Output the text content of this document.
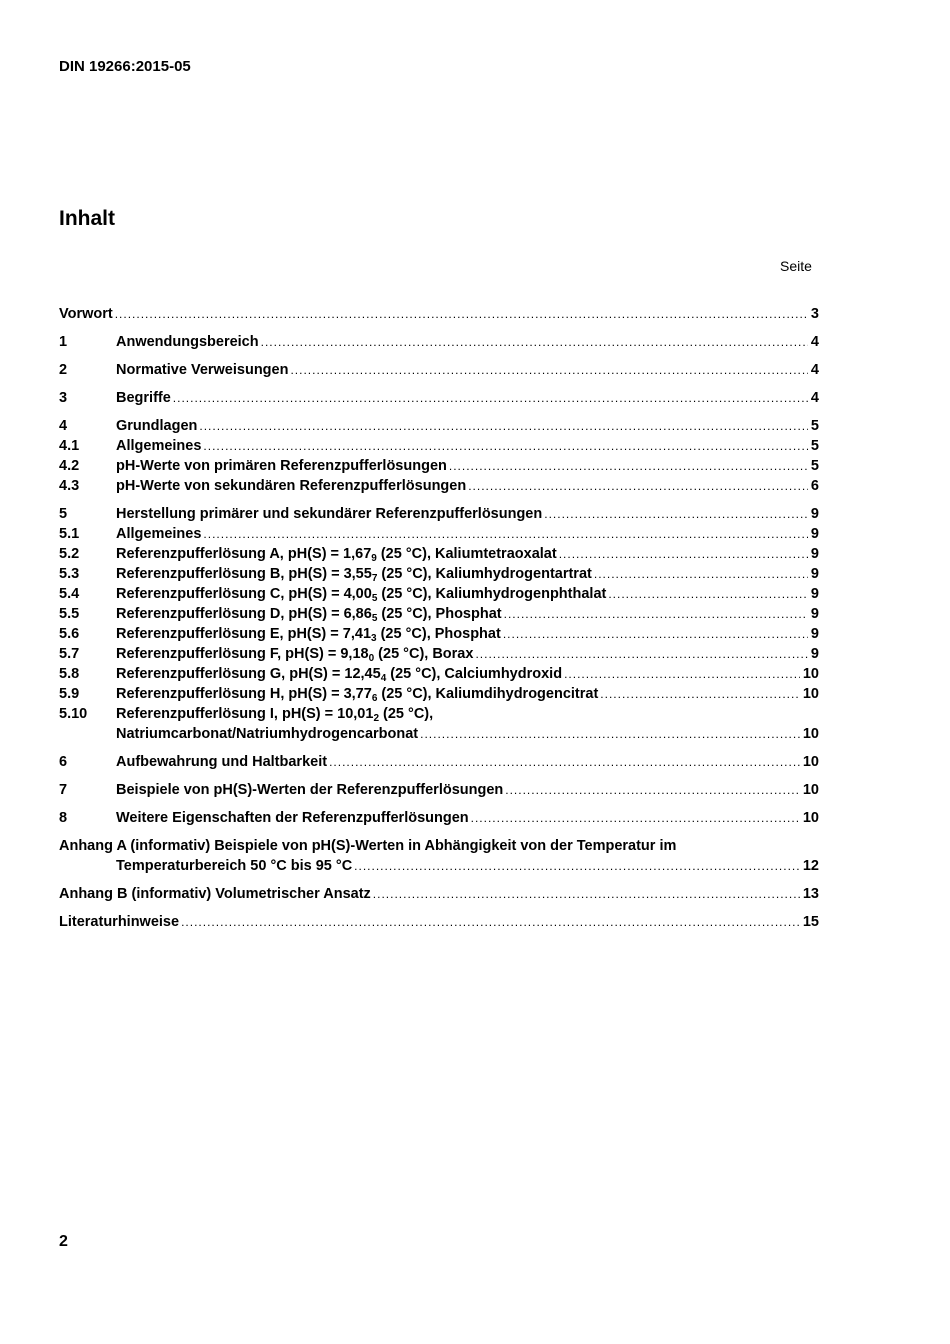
DIN 19266:2015-05
Inhalt
Seite
Vorwort .....	3
1	Anwendungsbereich .....	4
2	Normative Verweisungen .....	4
3	Begriffe .....	4
4	Grundlagen .....	5
4.1	Allgemeines .....	5
4.2	pH-Werte von primären Referenzpufferlösungen .....	5
4.3	pH-Werte von sekundären Referenzpufferlösungen .....	6
5	Herstellung primärer und sekundärer Referenzpufferlösungen .....	9
5.1	Allgemeines .....	9
5.2	Referenzpufferlösung A, $pH(S) = 1,67_9$ (25 °C), Kaliumtetraoxalat .....	9
5.3	Referenzpufferlösung B, $pH(S) = 3,55_7$ (25 °C), Kaliumhydrogentartrat .....	9
5.4	Referenzpufferlösung C, $pH(S) = 4,00_5$ (25 °C), Kaliumhydrogenphthalat .....	9
5.5	Referenzpufferlösung D, $pH(S) = 6,86_5$ (25 °C), Phosphat .....	9
5.6	Referenzpufferlösung E, $pH(S) = 7,41_3$ (25 °C), Phosphat .....	9
5.7	Referenzpufferlösung F, $pH(S) = 9,18_0$ (25 °C), Borax .....	9
5.8	Referenzpufferlösung G, $pH(S) = 12,45_4$ (25 °C), Calciumhydroxid .....	10
5.9	Referenzpufferlösung H, $pH(S) = 3,77_6$ (25 °C), Kaliumdihydrogencitrat .....	10
5.10 Referenzpufferlösung I, $pH(S) = 10,01_2$ (25 °C),
Natriumcarbonat/Natriumhydrogencarbonat .....	10
6	Aufbewahrung und Haltbarkeit .....	10
7	Beispiele von pH(S)-Werten der Referenzpufferlösungen .....	10
8	Weitere Eigenschaften der Referenzpufferlösungen .....	10
Anhang A (informativ) Beispiele von pH(S)-Werten in Abhängigkeit von der Temperatur im
Temperaturbereich 50 °C bis 95 °C .....	12
Anhang B (informativ) Volumetrischer Ansatz .....	13
Literaturhinweise .....	15
2
